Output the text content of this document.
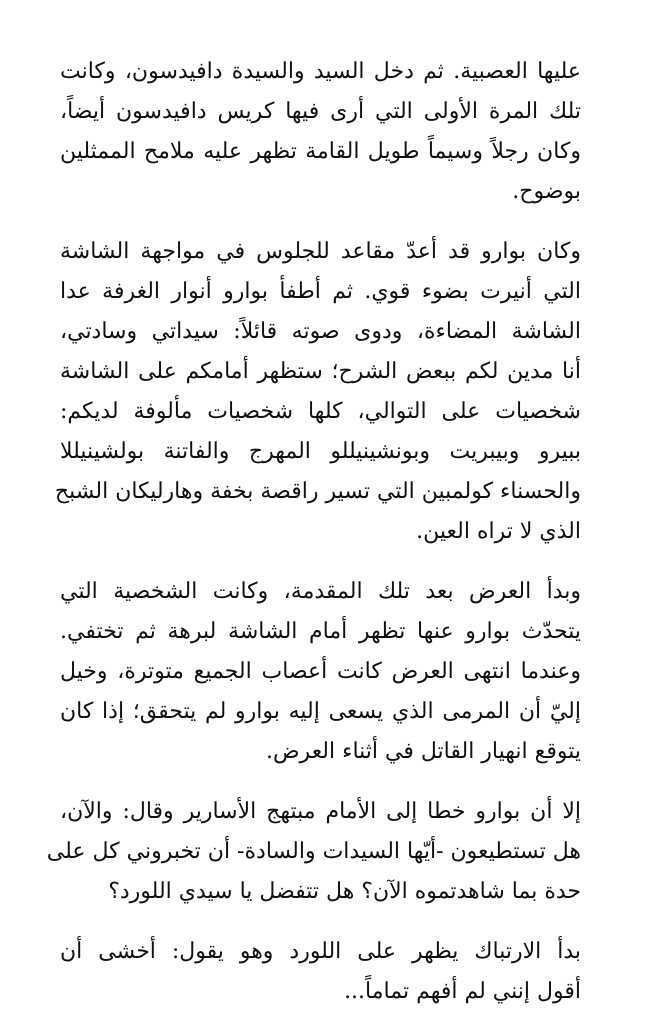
عليها العصبية. ثم دخل السيد والسيدة دافيدسون، وكانت
تلك المرة الأولى التي أرى فيها كريس دافيدسون أيضاً،
وكان رجلاً وسيماً طويل القامة تظهر عليه ملامح الممثلين
بوضوح.

وكان بوارو قد أعدّ مقاعد للجلوس في مواجهة الشاشة
التي أنيرت بضوء قوي. ثم أطفأ بوارو أنوار الغرفة عدا
الشاشة المضاءة، ودوى صوته قائلاً: سيداتي وسادتي،
أنا مدين لكم ببعض الشرح؛ ستظهر أمامكم على الشاشة
شخصيات على التوالي، كلها شخصيات مألوفة لديكم:
ببيرو وبيبريت وبونشينيللو المهرج والفاتنة بولشينيللا
والحسناء كولمبين التي تسير راقصة بخفة وهارليكان الشبح
الذي لا تراه العين.

وبدأ العرض بعد تلك المقدمة، وكانت الشخصية التي
يتحدّث بوارو عنها تظهر أمام الشاشة لبرهة ثم تختفي.
وعندما انتهى العرض كانت أعصاب الجميع متوترة، وخيل
إليّ أن المرمى الذي يسعى إليه بوارو لم يتحقق؛ إذا كان
يتوقع انهيار القاتل في أثناء العرض.

إلا أن بوارو خطا إلى الأمام مبتهج الأسارير وقال: والآن،
هل تستطيعون -أيّها السيدات والسادة- أن تخبروني كل على
حدة بما شاهدتموه الآن؟ هل تتفضل يا سيدي اللورد؟

بدأ الارتباك يظهر على اللورد وهو يقول: أخشى أن
أقول إنني لم أفهم تماماً...
